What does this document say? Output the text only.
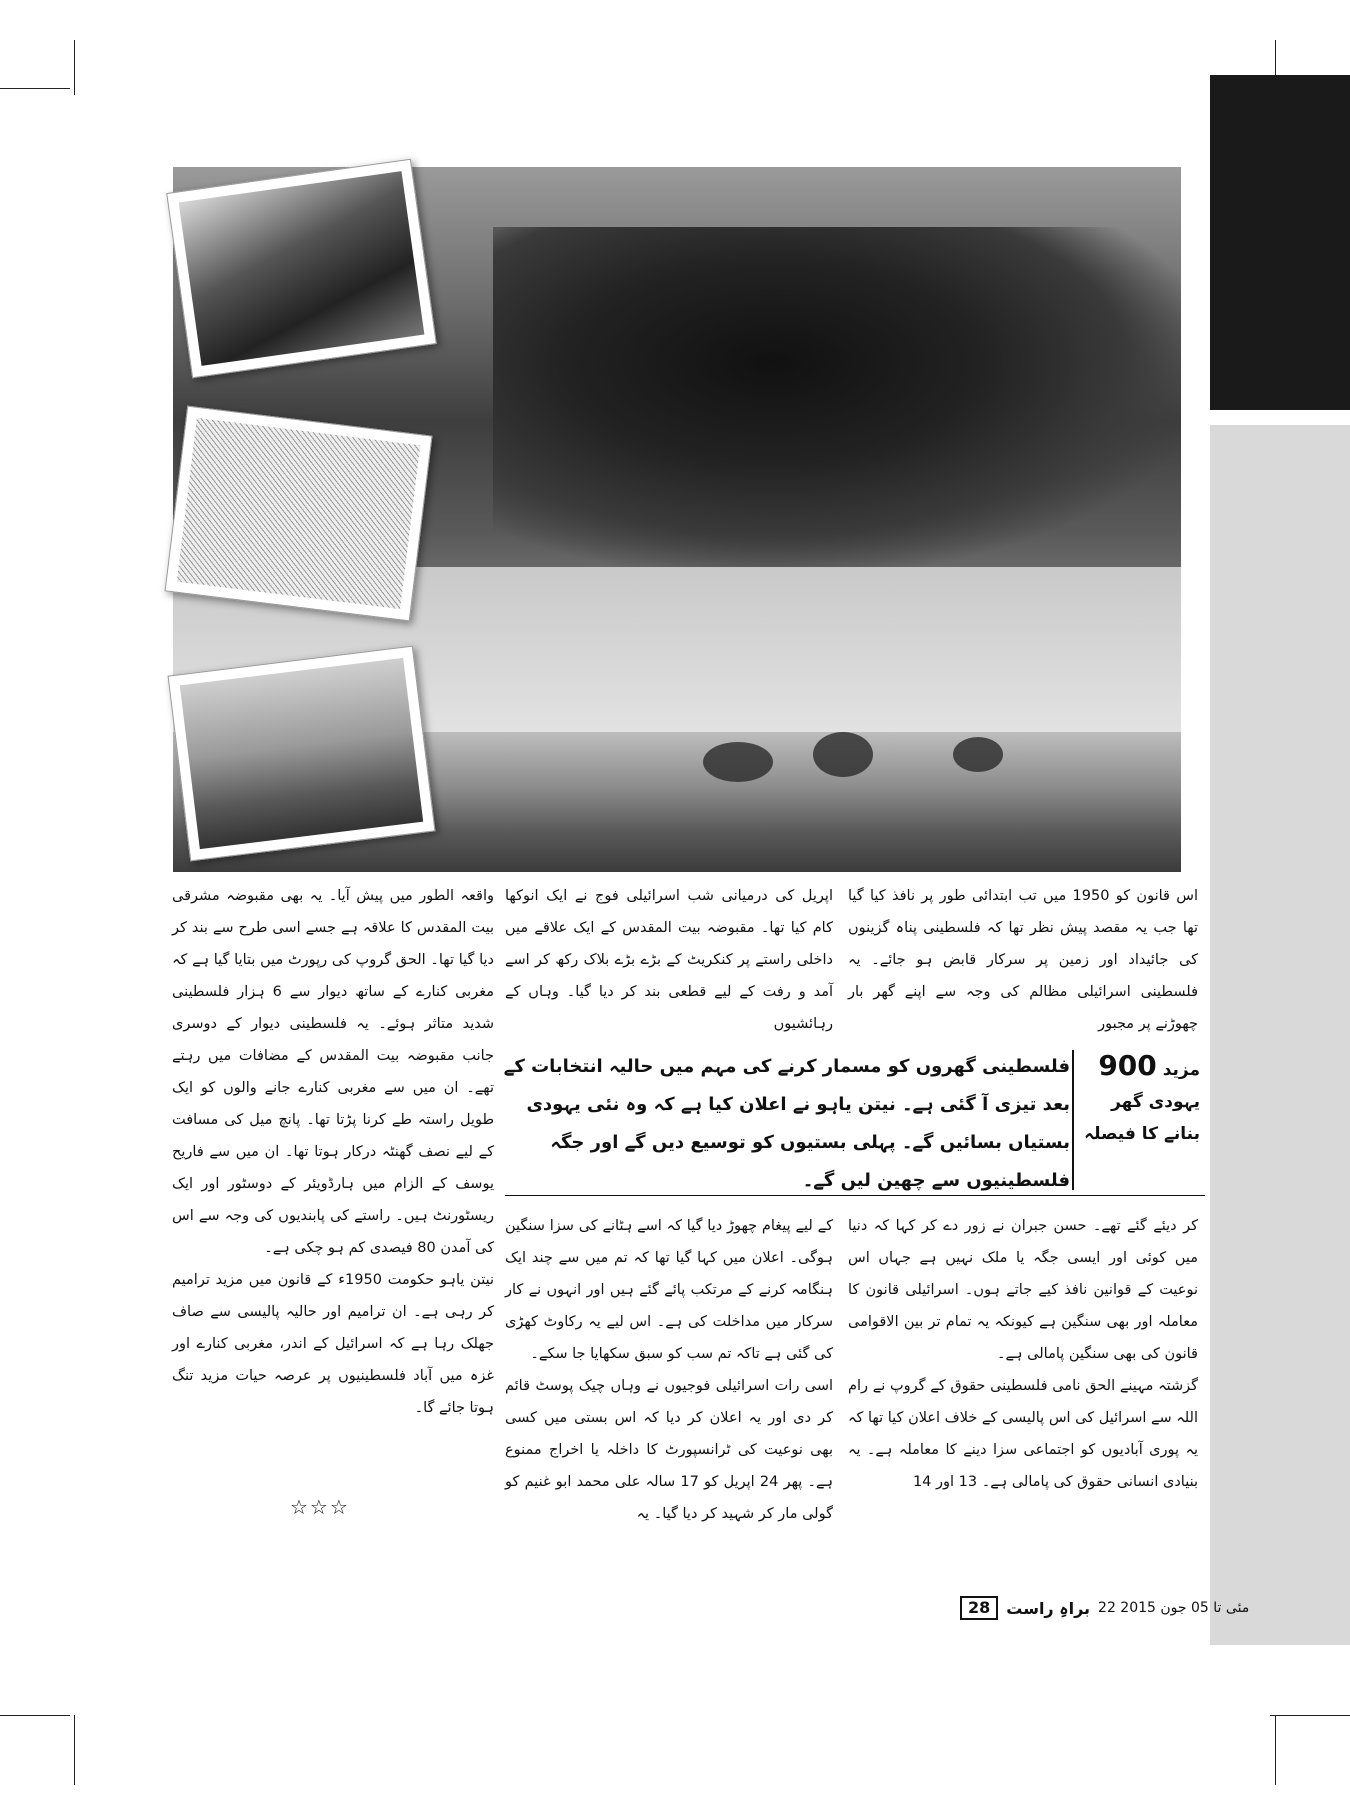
اس قانون کو 1950 میں تب ابتدائی طور پر نافذ کیا گیا تھا جب یہ مقصد پیش نظر تھا کہ فلسطینی پناہ گزینوں کی جائیداد اور زمین پر سرکار قابض ہو جائے۔ یہ فلسطینی اسرائیلی مظالم کی وجہ سے اپنے گھر بار چھوڑنے پر مجبور
اپریل کی درمیانی شب اسرائیلی فوج نے ایک انوکھا کام کیا تھا۔ مقبوضہ بیت المقدس کے ایک علاقے میں داخلی راستے پر کنکریٹ کے بڑے بڑے بلاک رکھ کر اسے آمد و رفت کے لیے قطعی بند کر دیا گیا۔ وہاں کے رہائشیوں
واقعہ الطور میں پیش آیا۔ یہ بھی مقبوضہ مشرقی بیت المقدس کا علاقہ ہے جسے اسی طرح سے بند کر دیا گیا تھا۔ الحق گروپ کی رپورٹ میں بتایا گیا ہے کہ مغربی کنارے کے ساتھ دیوار سے 6 ہزار فلسطینی شدید متاثر ہوئے۔ یہ فلسطینی دیوار کے دوسری جانب مقبوضہ بیت المقدس کے مضافات میں رہتے تھے۔ ان میں سے مغربی کنارے جانے والوں کو ایک طویل راستہ طے کرنا پڑتا تھا۔ پانچ میل کی مسافت کے لیے نصف گھنٹہ درکار ہوتا تھا۔ ان میں سے فاریح یوسف کے الزام میں ہارڈویئر کے دوسٹور اور ایک ریسٹورنٹ ہیں۔ راستے کی پابندیوں کی وجہ سے اس کی آمدن 80 فیصدی کم ہو چکی ہے۔
نیتن یاہو حکومت 1950ء کے قانون میں مزید ترامیم کر رہی ہے۔ ان ترامیم اور حالیہ پالیسی سے صاف جھلک رہا ہے کہ اسرائیل کے اندر، مغربی کنارے اور غزہ میں آباد فلسطینیوں پر عرصہ حیات مزید تنگ ہوتا جائے گا۔
مزید 900
یہودی گھر بنانے کا فیصلہ
فلسطینی گھروں کو مسمار کرنے کی مہم میں حالیہ انتخابات کے بعد تیزی آ گئی ہے۔ نیتن یاہو نے اعلان کیا ہے کہ وہ نئی یہودی بستیاں بسائیں گے۔ پہلی بستیوں کو توسیع دیں گے اور جگہ فلسطینیوں سے چھین لیں گے۔
کر دیئے گئے تھے۔ حسن جبران نے زور دے کر کہا کہ دنیا میں کوئی اور ایسی جگہ یا ملک نہیں ہے جہاں اس نوعیت کے قوانین نافذ کیے جاتے ہوں۔ اسرائیلی قانون کا معاملہ اور بھی سنگین ہے کیونکہ یہ تمام تر بین الاقوامی قانون کی بھی سنگین پامالی ہے۔
گزشتہ مہینے الحق نامی فلسطینی حقوق کے گروپ نے رام اللہ سے اسرائیل کی اس پالیسی کے خلاف اعلان کیا تھا کہ یہ پوری آبادیوں کو اجتماعی سزا دینے کا معاملہ ہے۔ یہ بنیادی انسانی حقوق کی پامالی ہے۔ 13 اور 14
کے لیے پیغام چھوڑ دیا گیا کہ اسے ہٹانے کی سزا سنگین ہوگی۔ اعلان میں کہا گیا تھا کہ تم میں سے چند ایک ہنگامہ کرنے کے مرتکب پائے گئے ہیں اور انہوں نے کار سرکار میں مداخلت کی ہے۔ اس لیے یہ رکاوٹ کھڑی کی گئی ہے تاکہ تم سب کو سبق سکھایا جا سکے۔
اسی رات اسرائیلی فوجیوں نے وہاں چیک پوسٹ قائم کر دی اور یہ اعلان کر دیا کہ اس بستی میں کسی بھی نوعیت کی ٹرانسپورٹ کا داخلہ یا اخراج ممنوع ہے۔ پھر 24 اپریل کو 17 سالہ علی محمد ابو غنیم کو گولی مار کر شہید کر دیا گیا۔ یہ
☆☆☆
28	براہِ راست 22 مئی تا 05 جون 2015
